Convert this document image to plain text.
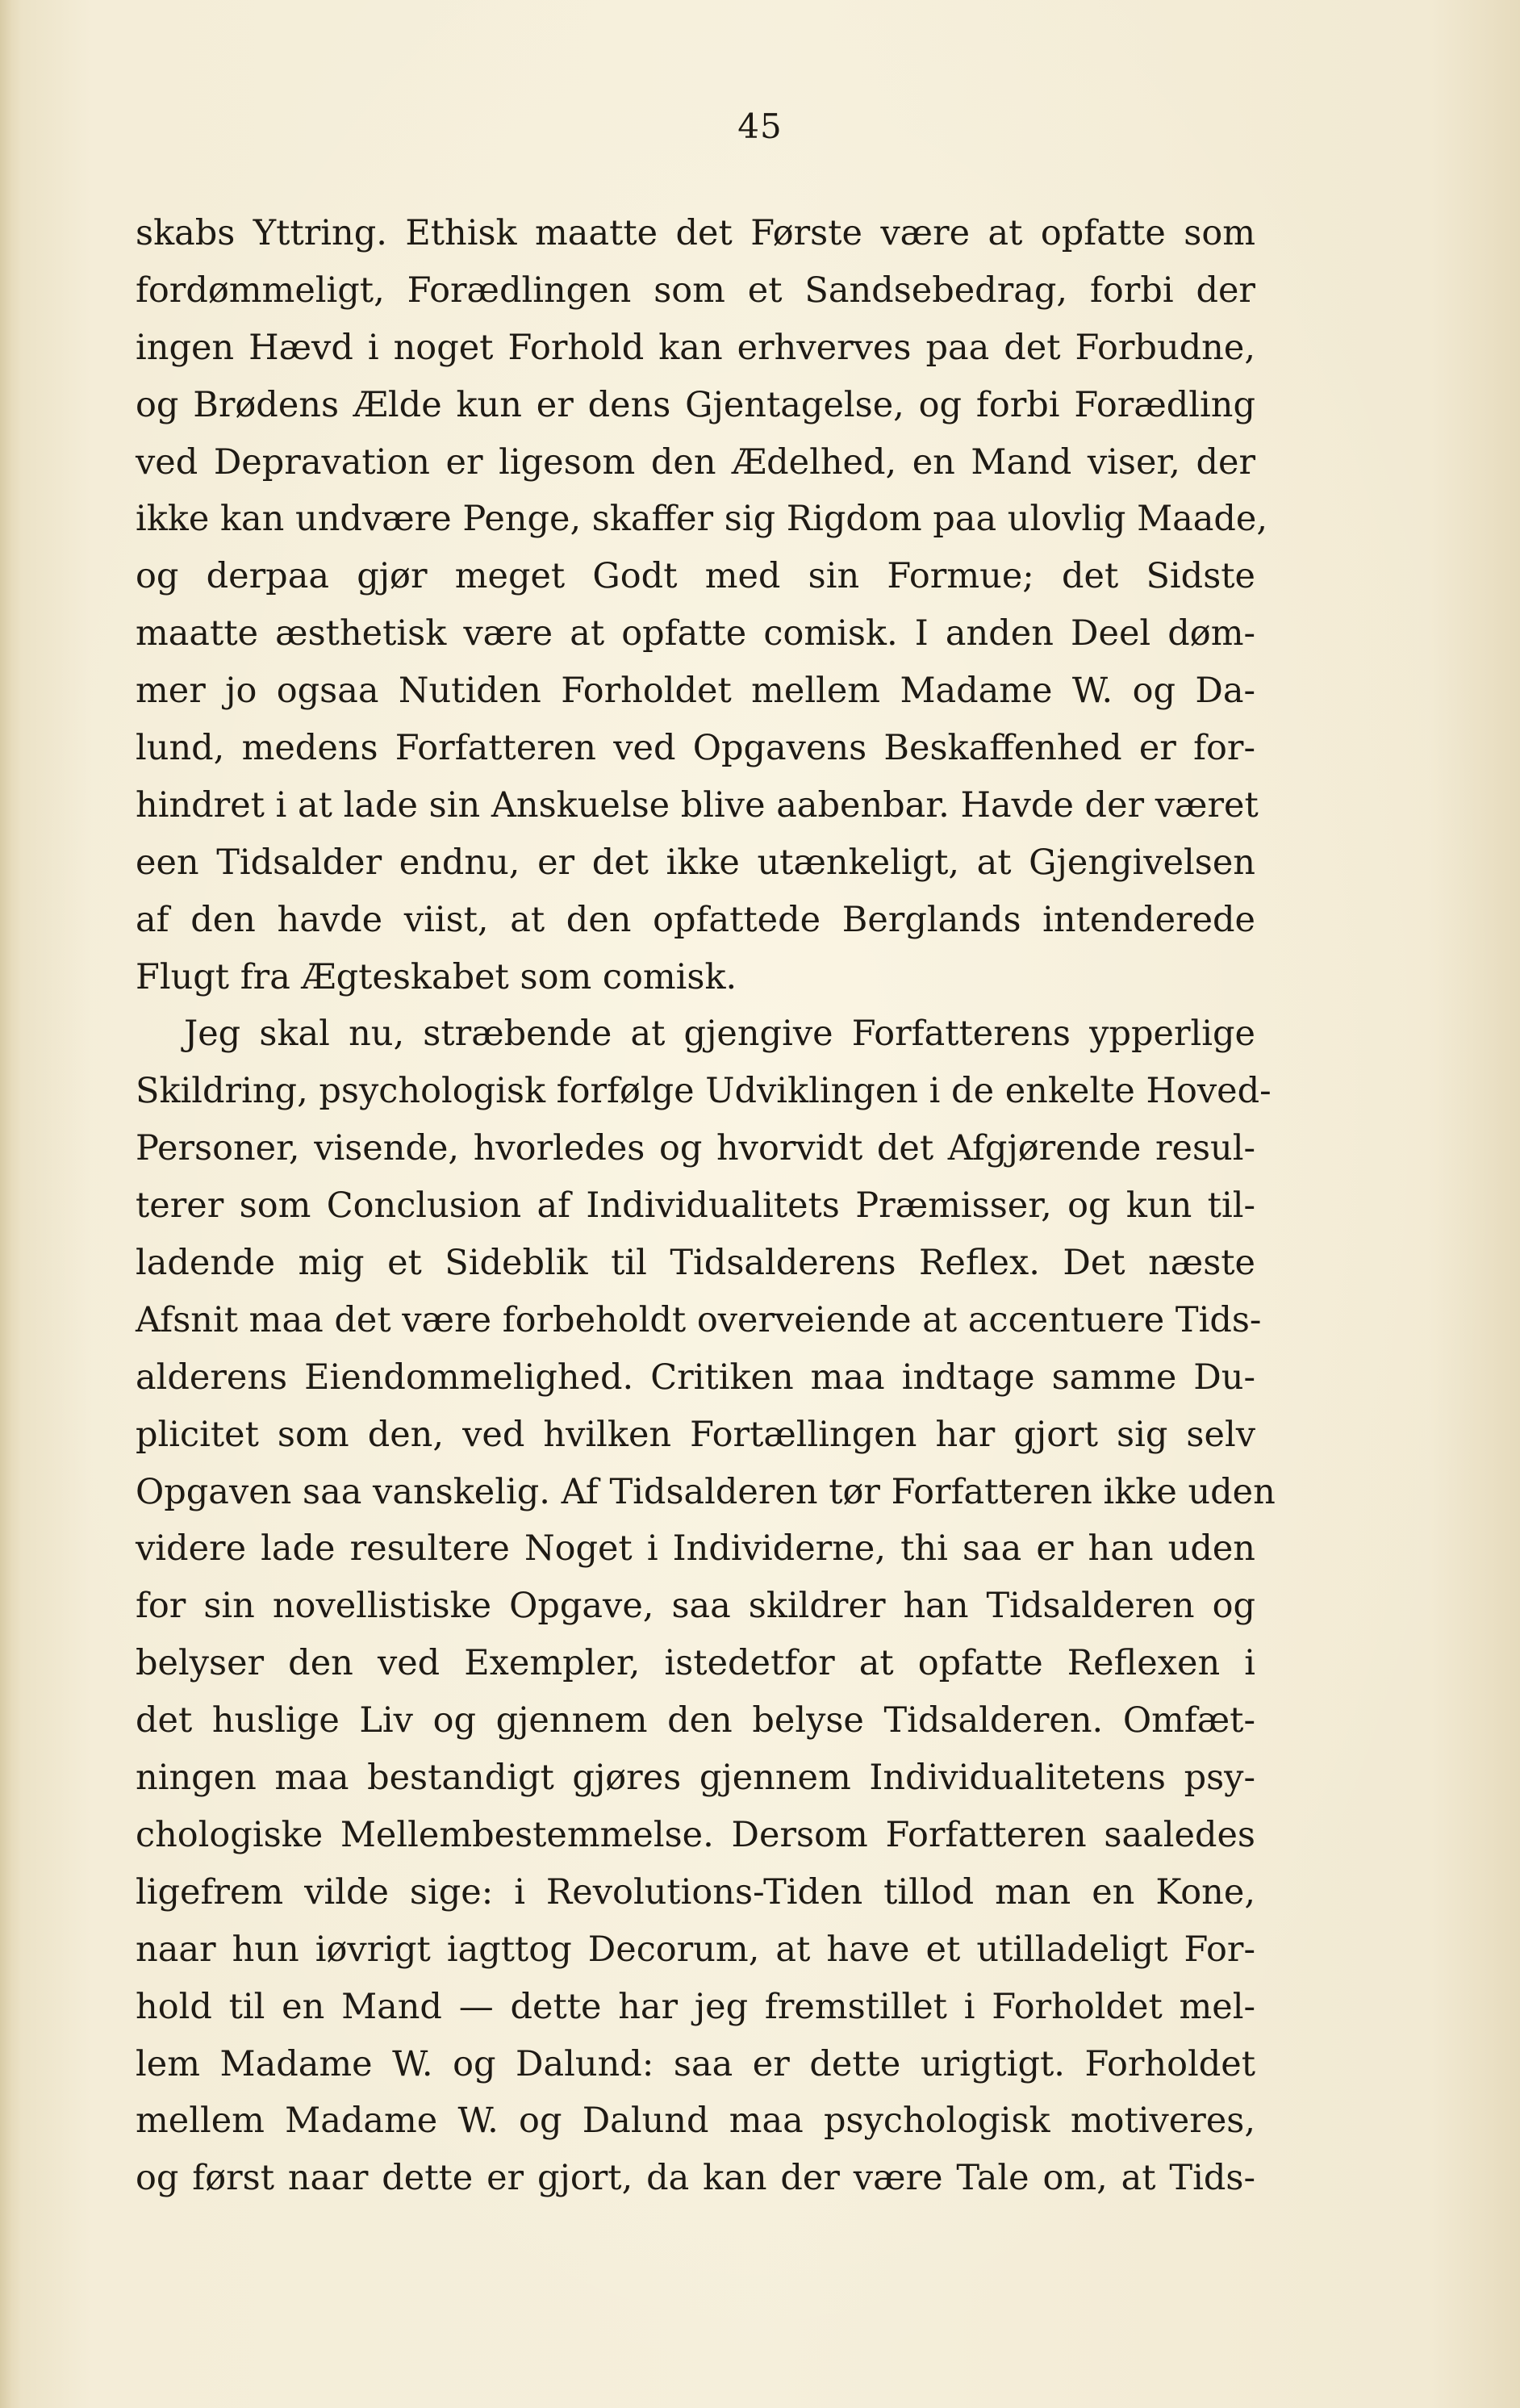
45
skabs Yttring. Ethisk maatte det Første være at opfatte som
fordømmeligt, Forædlingen som et Sandsebedrag, forbi der
ingen Hævd i noget Forhold kan erhverves paa det Forbudne,
og Brødens Ælde kun er dens Gjentagelse, og forbi Forædling
ved Depravation er ligesom den Ædelhed, en Mand viser, der
ikke kan undvære Penge, skaffer sig Rigdom paa ulovlig Maade,
og derpaa gjør meget Godt med sin Formue; det Sidste
maatte æsthetisk være at opfatte comisk. I anden Deel døm-
mer jo ogsaa Nutiden Forholdet mellem Madame W. og Da-
lund, medens Forfatteren ved Opgavens Beskaffenhed er for-
hindret i at lade sin Anskuelse blive aabenbar. Havde der været
een Tidsalder endnu, er det ikke utænkeligt, at Gjengivelsen
af den havde viist, at den opfattede Berglands intenderede
Flugt fra Ægteskabet som comisk.
Jeg skal nu, stræbende at gjengive Forfatterens ypperlige
Skildring, psychologisk forfølge Udviklingen i de enkelte Hoved-
Personer, visende, hvorledes og hvorvidt det Afgjørende resul-
terer som Conclusion af Individualitets Præmisser, og kun til-
ladende mig et Sideblik til Tidsalderens Reflex. Det næste
Afsnit maa det være forbeholdt overveiende at accentuere Tids-
alderens Eiendommelighed. Critiken maa indtage samme Du-
plicitet som den, ved hvilken Fortællingen har gjort sig selv
Opgaven saa vanskelig. Af Tidsalderen tør Forfatteren ikke uden
videre lade resultere Noget i Individerne, thi saa er han uden
for sin novellistiske Opgave, saa skildrer han Tidsalderen og
belyser den ved Exempler, istedetfor at opfatte Reflexen i
det huslige Liv og gjennem den belyse Tidsalderen. Omfæt-
ningen maa bestandigt gjøres gjennem Individualitetens psy-
chologiske Mellembestemmelse. Dersom Forfatteren saaledes
ligefrem vilde sige: i Revolutions-Tiden tillod man en Kone,
naar hun iøvrigt iagttog Decorum, at have et utilladeligt For-
hold til en Mand — dette har jeg fremstillet i Forholdet mel-
lem Madame W. og Dalund: saa er dette urigtigt. Forholdet
mellem Madame W. og Dalund maa psychologisk motiveres,
og først naar dette er gjort, da kan der være Tale om, at Tids-
